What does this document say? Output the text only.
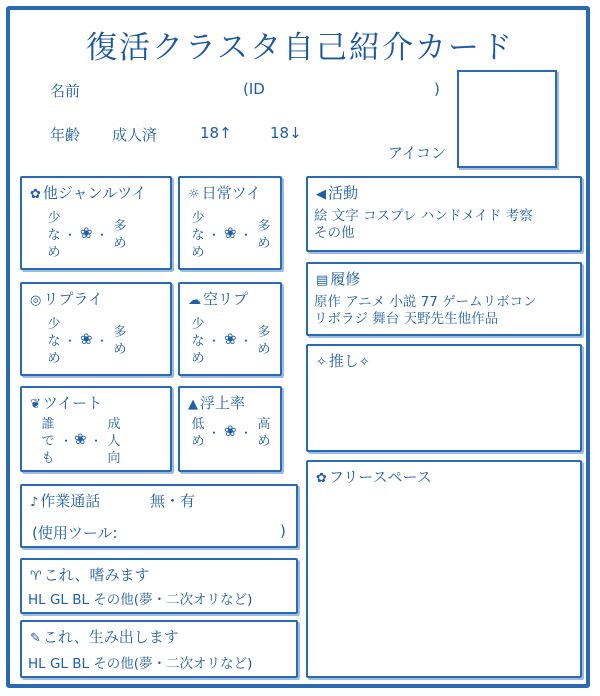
復活クラスタ自己紹介カード
名前	(ID	)
年齢 成人済	18↑	18↓
アイコン
✿ 他ジャンルツイ
少
な
め
・ ❀ ・
多
め
☼ 日常ツイ
少
な
め
・ ❀ ・
多
め
◎ リプライ
少
な
め
・ ❀ ・
多
め
☁ 空リプ
少
な
め
・ ❀ ・
多
め
❦ ツイート
誰
で
も
・ ❀ ・
成
人
向
▲ 浮上率
低
め
・ ❀ ・
高
め
♪ 作業通話	無・有
(使用ツール:	)
♈ これ、嗜みます
HL GL BL その他(夢・二次オリなど)
✎ これ、生み出します
HL GL BL その他(夢・二次オリなど)
◀ 活動
絵 文字 コスプレ ハンドメイド 考察
その他
▤ 履修
原作 アニメ 小説 77 ゲームリボコン
リボラジ 舞台 天野先生他作品
✧ 推し✧
✿ フリースペース
